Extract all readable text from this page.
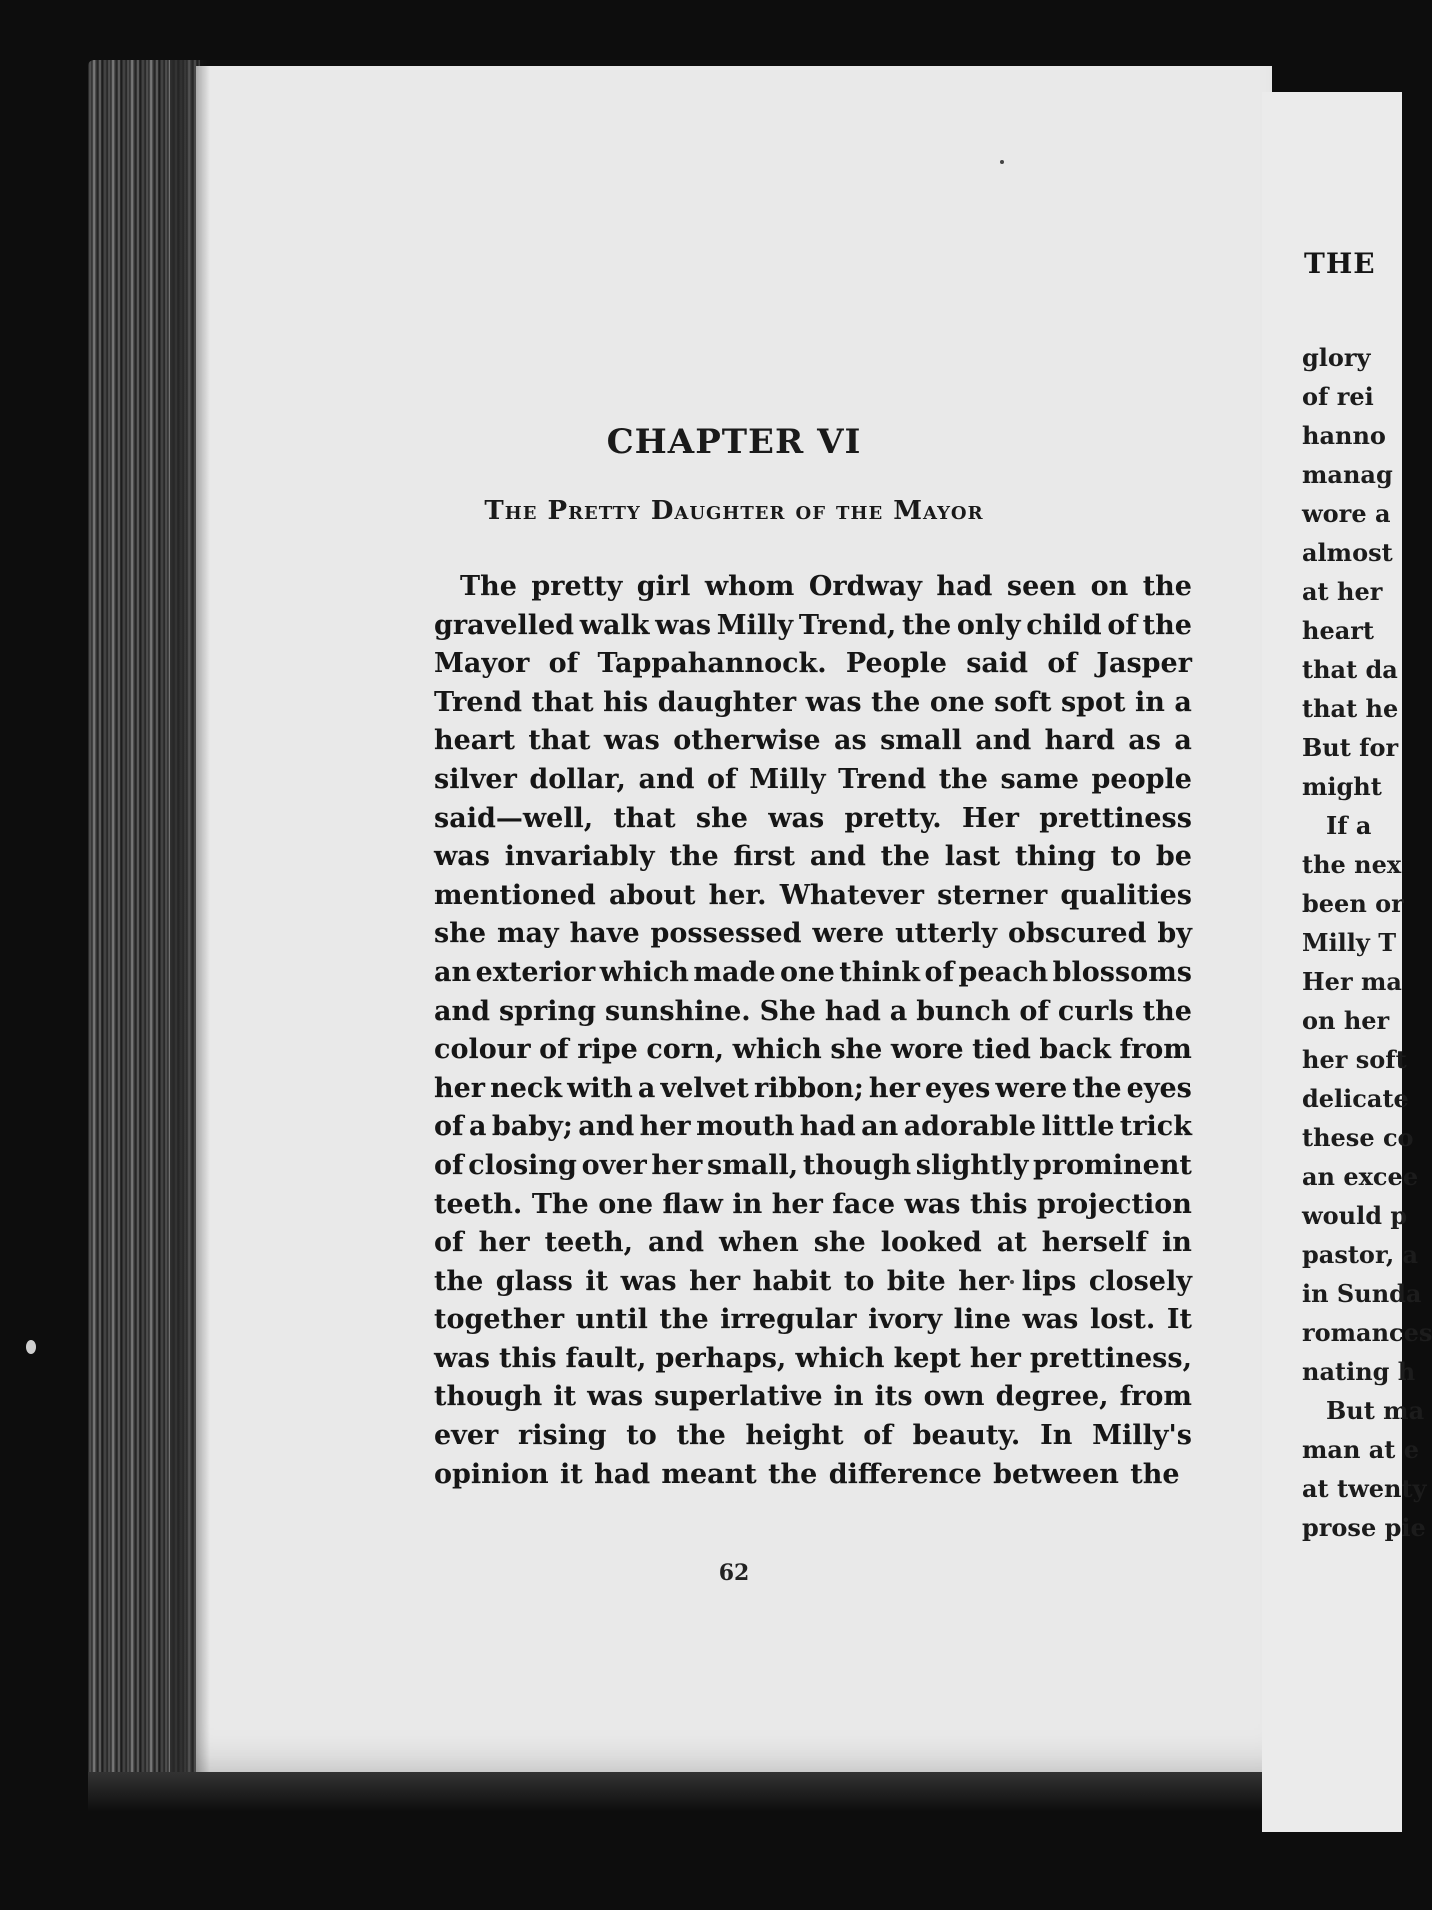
CHAPTER VI
The Pretty Daughter of the Mayor
The pretty girl whom Ordway had seen on the
gravelled walk was Milly Trend, the only child of the
Mayor of Tappahannock. People said of Jasper
Trend that his daughter was the one soft spot in a
heart that was otherwise as small and hard as a
silver dollar, and of Milly Trend the same people
said—well, that she was pretty. Her prettiness
was invariably the first and the last thing to be
mentioned about her. Whatever sterner qualities
she may have possessed were utterly obscured by
an exterior which made one think of peach blossoms
and spring sunshine. She had a bunch of curls the
colour of ripe corn, which she wore tied back from
her neck with a velvet ribbon; her eyes were the eyes
of a baby; and her mouth had an adorable little trick
of closing over her small, though slightly prominent
teeth. The one flaw in her face was this projection
of her teeth, and when she looked at herself in
the glass it was her habit to bite her lips closely
together until the irregular ivory line was lost. It
was this fault, perhaps, which kept her prettiness,
though it was superlative in its own degree, from
ever rising to the height of beauty. In Milly's
opinion it had meant the difference between the
62
THE
glory
of rei
hanno
manag
wore a
almost
at her
heart
that da
that he
But for
might
If a
the nex
been or
Milly T
Her ma
on her
her soft
delicate
these co
an excee
would p
pastor, a
in Sunda
romances
nating h
But ma
man at e
at twenty
prose pie
